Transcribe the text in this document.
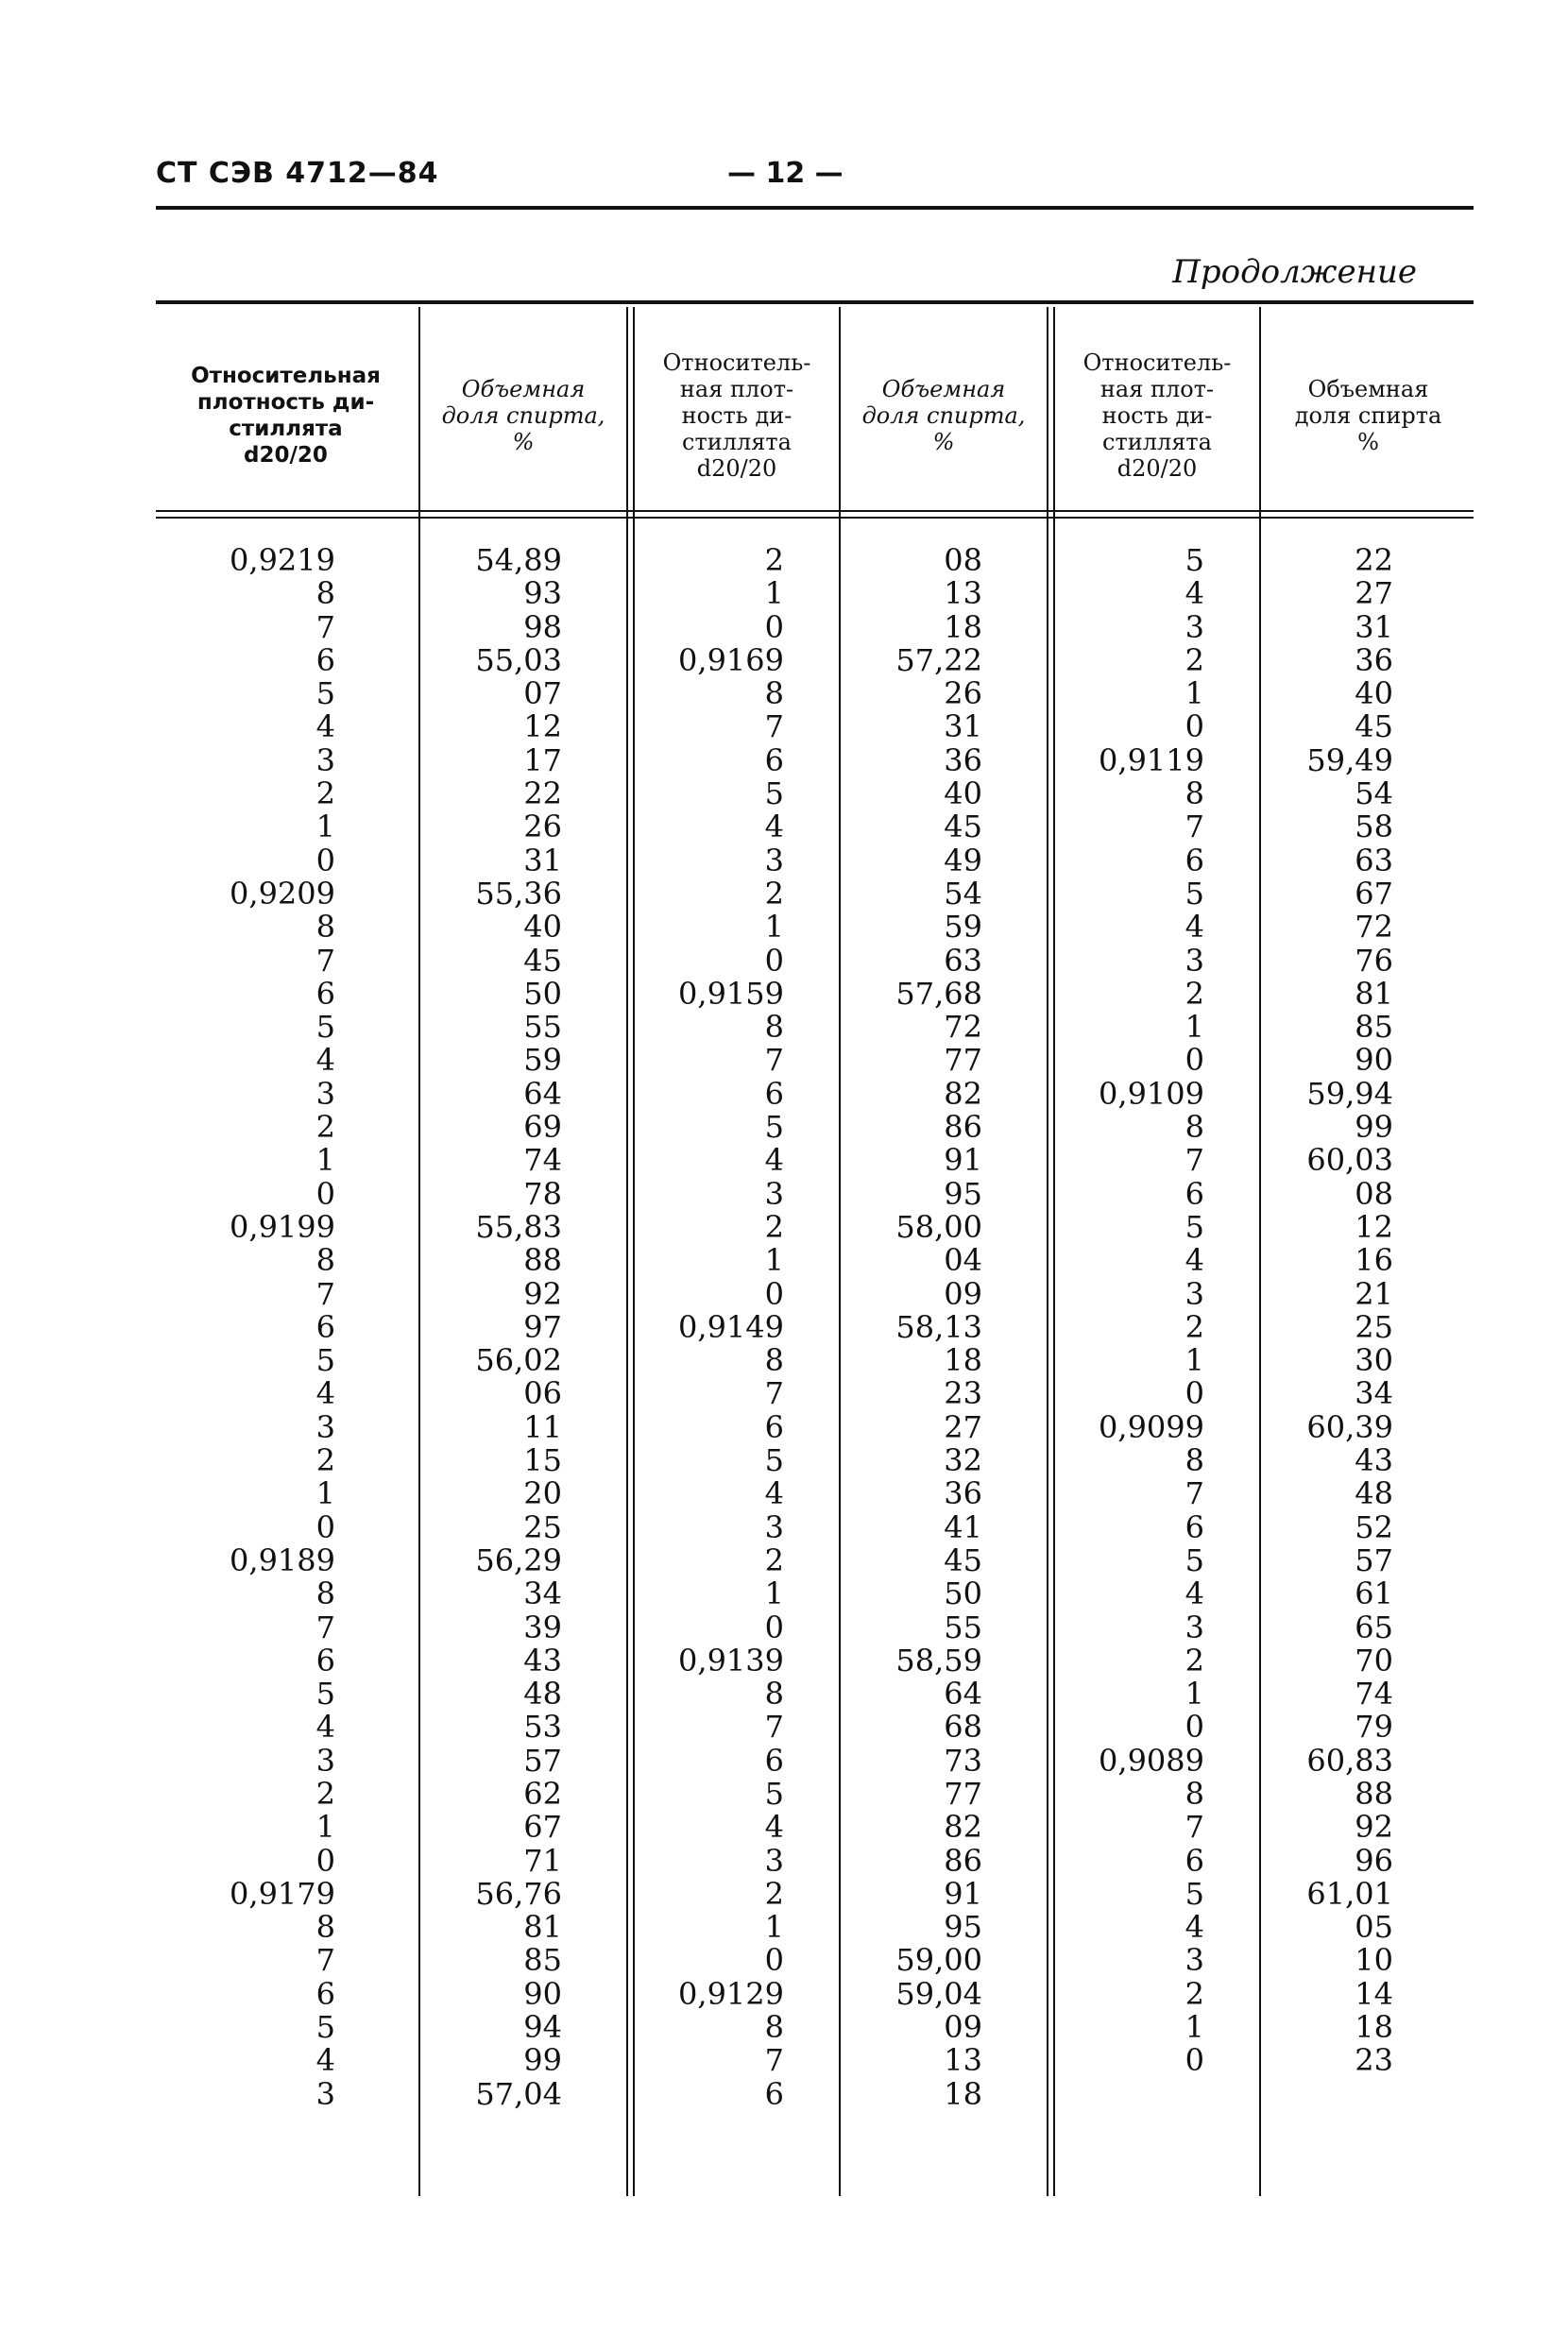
СТ СЭВ 4712—84	— 12 —
Продолжение
Относительная
плотность ди-
стиллята
d20/20
Объемная
доля спирта,
%
Относитель-
ная плот-
ность ди-
стиллята
d20/20
Объемная
доля спирта,
%
Относитель-
ная плот-
ность ди-
стиллята
d20/20
Объемная
доля спирта
%
0,9219
8
7
6
5
4
3
2
1
0
0,9209
8
7
6
5
4
3
2
1
0
0,9199
8
7
6
5
4
3
2
1
0
0,9189
8
7
6
5
4
3
2
1
0
0,9179
8
7
6
5
4
3
54,89
93
98
55,03
07
12
17
22
26
31
55,36
40
45
50
55
59
64
69
74
78
55,83
88
92
97
56,02
06
11
15
20
25
56,29
34
39
43
48
53
57
62
67
71
56,76
81
85
90
94
99
57,04
2
1
0
0,9169
8
7
6
5
4
3
2
1
0
0,9159
8
7
6
5
4
3
2
1
0
0,9149
8
7
6
5
4
3
2
1
0
0,9139
8
7
6
5
4
3
2
1
0
0,9129
8
7
6
08
13
18
57,22
26
31
36
40
45
49
54
59
63
57,68
72
77
82
86
91
95
58,00
04
09
58,13
18
23
27
32
36
41
45
50
55
58,59
64
68
73
77
82
86
91
95
59,00
59,04
09
13
18
5
4
3
2
1
0
0,9119
8
7
6
5
4
3
2
1
0
0,9109
8
7
6
5
4
3
2
1
0
0,9099
8
7
6
5
4
3
2
1
0
0,9089
8
7
6
5
4
3
2
1
0
22
27
31
36
40
45
59,49
54
58
63
67
72
76
81
85
90
59,94
99
60,03
08
12
16
21
25
30
34
60,39
43
48
52
57
61
65
70
74
79
60,83
88
92
96
61,01
05
10
14
18
23
